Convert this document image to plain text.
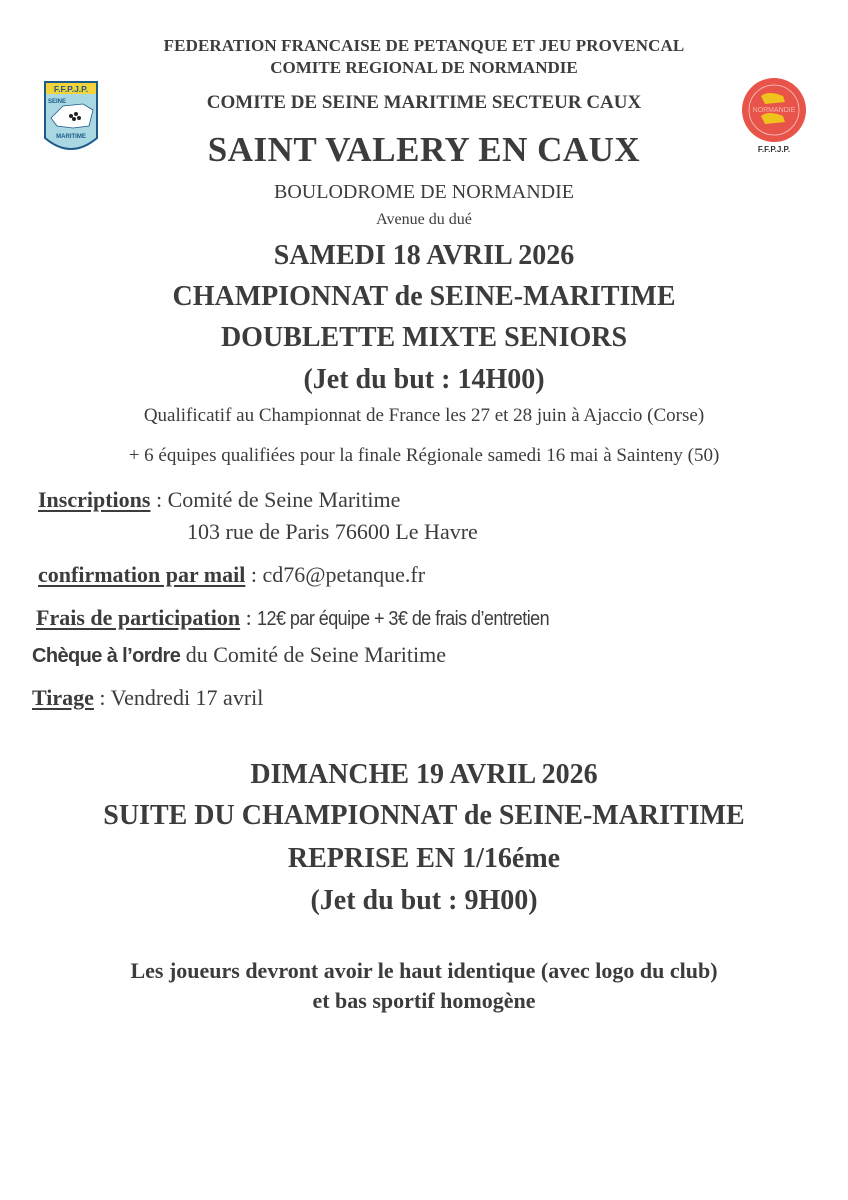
F.F.P.J.P.
SEINE
MARITIME
NORMANDIE
F.F.P.J.P.
FEDERATION FRANCAISE DE PETANQUE ET JEU PROVENCAL
COMITE REGIONAL DE NORMANDIE
COMITE DE SEINE MARITIME SECTEUR CAUX
SAINT VALERY EN CAUX
BOULODROME DE NORMANDIE
Avenue du dué
SAMEDI 18 AVRIL 2026
CHAMPIONNAT de SEINE-MARITIME
DOUBLETTE MIXTE SENIORS
(Jet du but : 14H00)
Qualificatif au Championnat de France les 27 et 28 juin à Ajaccio (Corse)
+ 6 équipes qualifiées pour la finale Régionale samedi 16 mai à Sainteny (50)
Inscriptions : Comité de Seine Maritime
103 rue de Paris 76600 Le Havre
confirmation par mail : cd76@petanque.fr
Frais de participation : 12€ par équipe + 3€ de frais d’entretien
Chèque à l’ordre du Comité de Seine Maritime
Tirage : Vendredi 17 avril
DIMANCHE 19 AVRIL 2026
SUITE DU CHAMPIONNAT de SEINE-MARITIME
REPRISE EN 1/16éme
(Jet du but : 9H00)
Les joueurs devront avoir le haut identique (avec logo du club)
et bas sportif homogène
